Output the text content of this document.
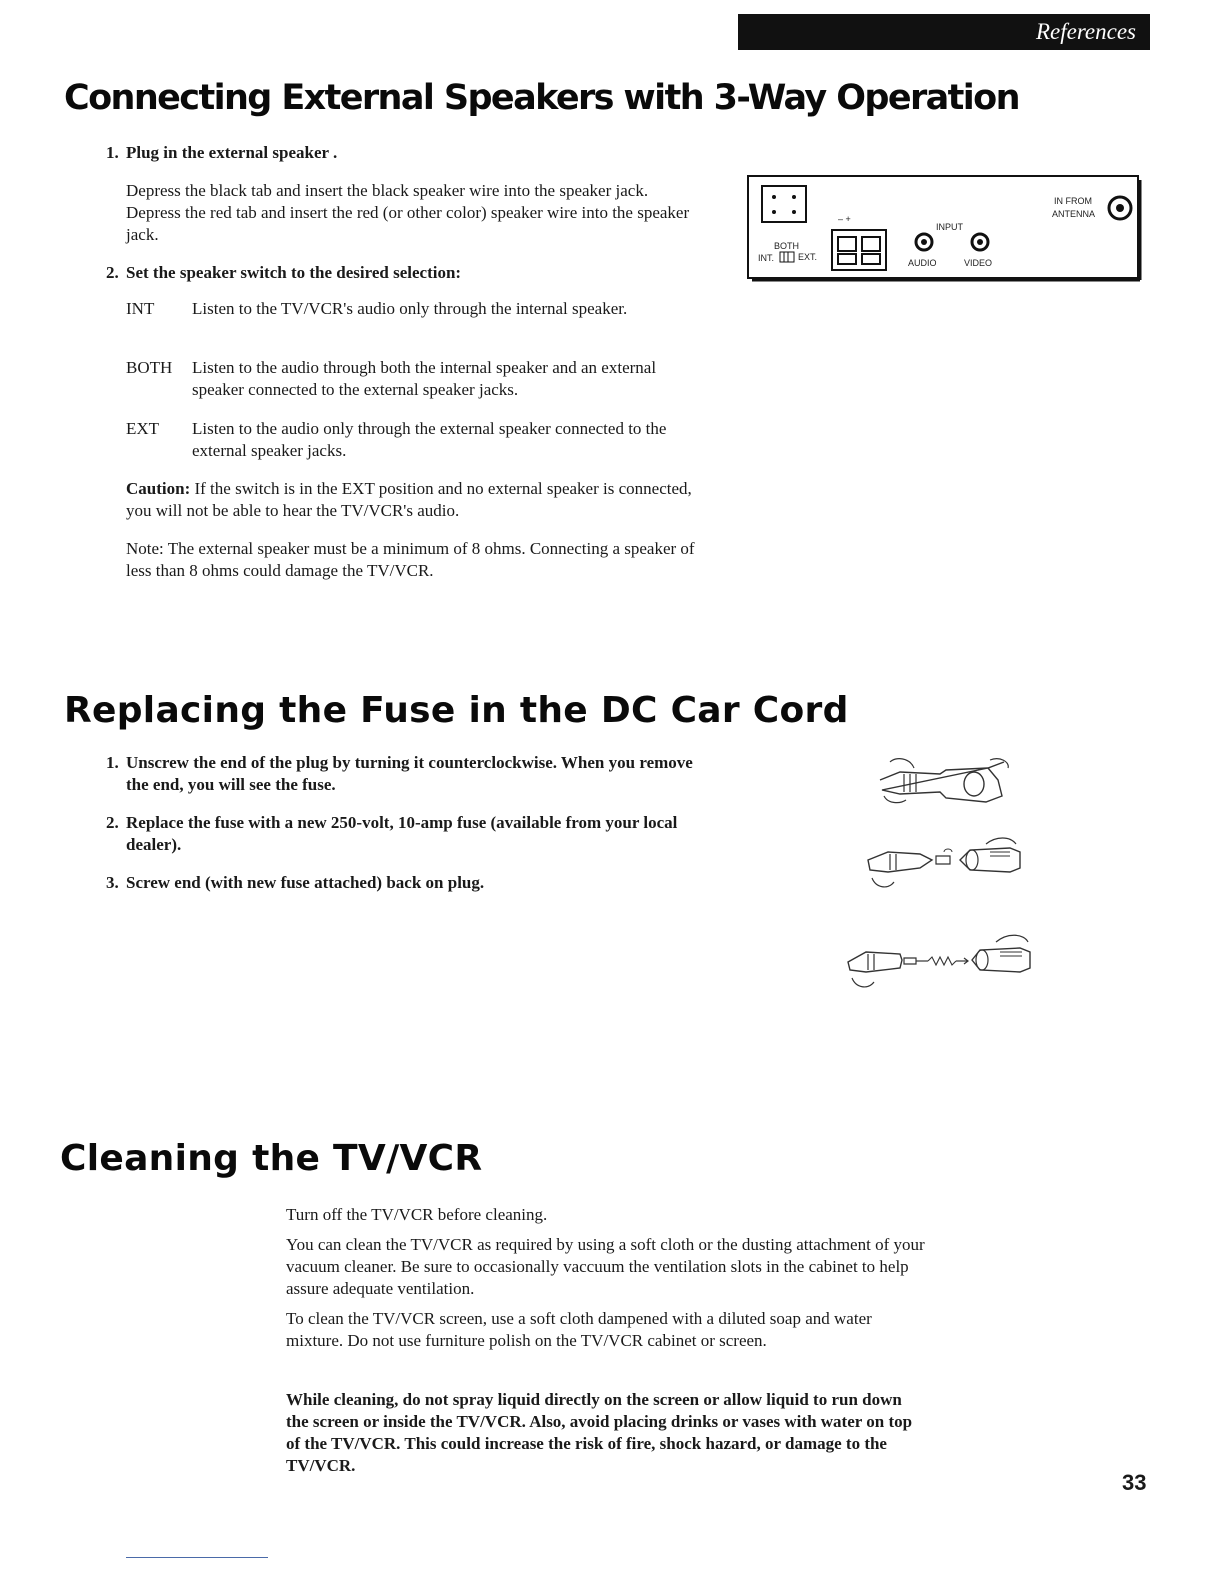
References
Connecting External Speakers with 3-Way Operation
1. Plug in the external speaker .
Depress the black tab and insert the black speaker wire into the speaker jack. Depress the red tab and insert the red (or other color) speaker wire into the speaker jack.
2. Set the speaker switch to the desired selection:
INT	Listen to the TV/VCR's audio only through the internal speaker.
BOTH	Listen to the audio through both the internal speaker and an external speaker connected to the external speaker jacks.
EXT	Listen to the audio only through the external speaker connected to the external speaker jacks.
Caution: If the switch is in the EXT position and no external speaker is connected, you will not be able to hear the TV/VCR's audio.
Note: The external speaker must be a minimum of 8 ohms. Connecting a speaker of less than 8 ohms could damage the TV/VCR.
– +
BOTH
INT.	EXT.
INPUT
AUDIO	VIDEO
IN FROM
ANTENNA
Replacing the Fuse in the DC Car Cord
1. Unscrew the end of the plug by turning it counterclockwise. When you remove the end, you will see the fuse.
2. Replace the fuse with a new 250-volt, 10-amp fuse (available from your local dealer).
3. Screw end (with new fuse attached) back on plug.
Cleaning the TV/VCR
Turn off the TV/VCR before cleaning.
You can clean the TV/VCR as required by using a soft cloth or the dusting attachment of your vacuum cleaner. Be sure to occasionally vaccuum the ventilation slots in the cabinet to help assure adequate ventilation.
To clean the TV/VCR screen, use a soft cloth dampened with a diluted soap and water mixture. Do not use furniture polish on the TV/VCR cabinet or screen.
While cleaning, do not spray liquid directly on the screen or allow liquid to run down the screen or inside the TV/VCR. Also, avoid placing drinks or vases with water on top of the TV/VCR. This could increase the risk of fire, shock hazard, or damage to the TV/VCR.
33
